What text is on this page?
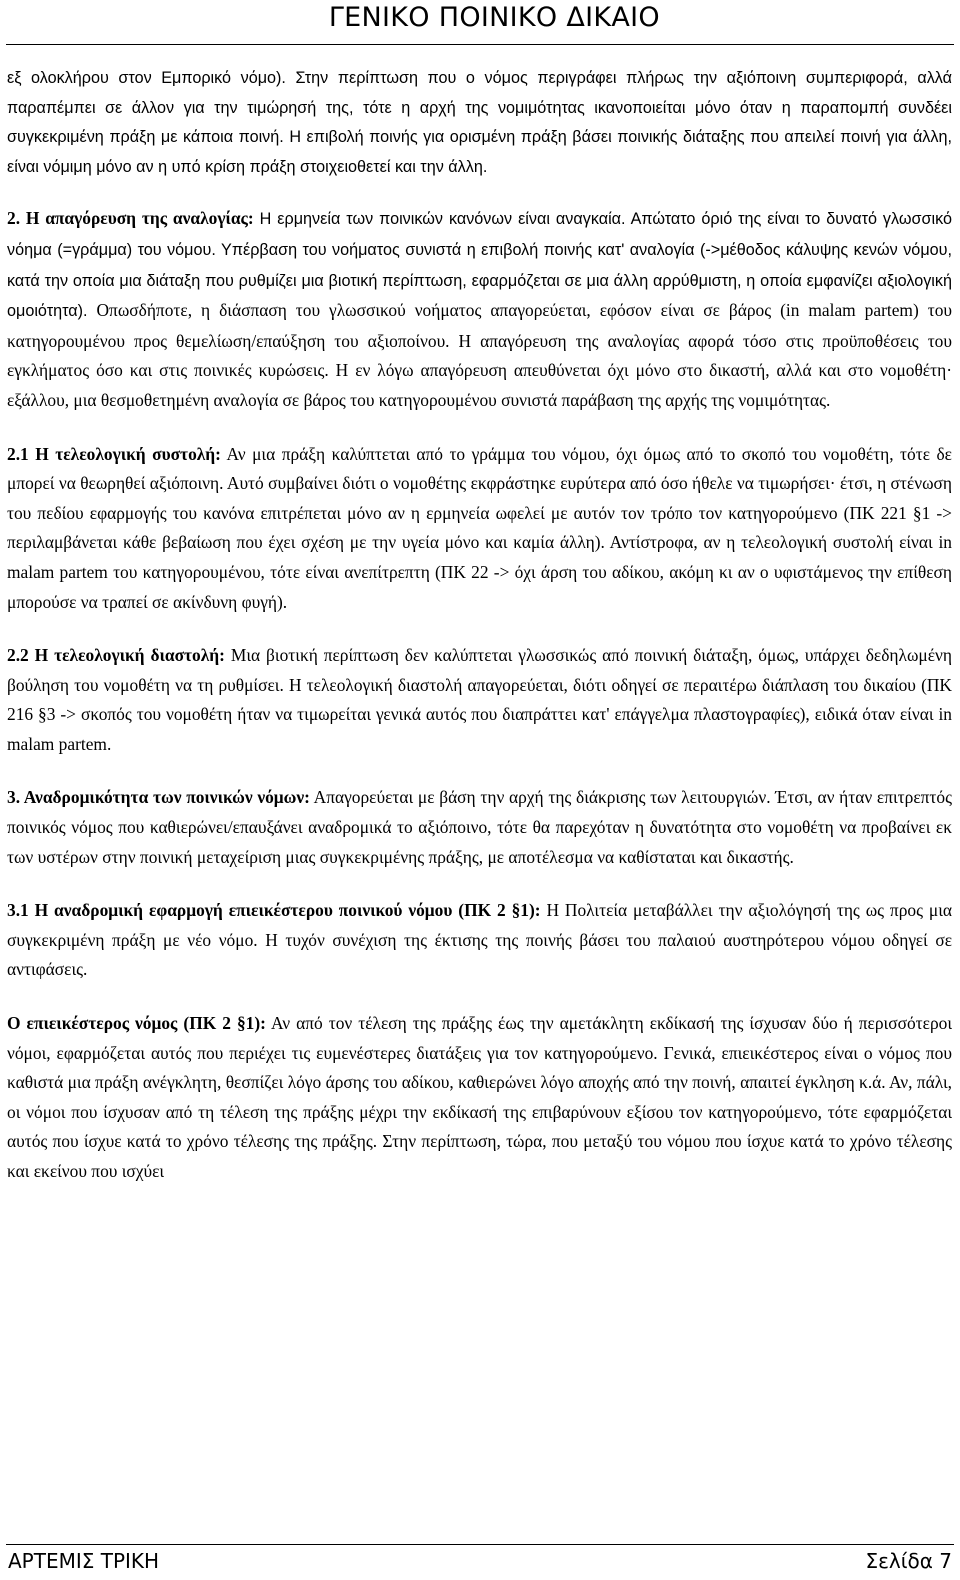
ΓΕΝΙΚΟ ΠΟΙΝΙΚΟ ΔΙΚΑΙΟ

εξ ολοκλήρου στον Εμπορικό νόμο). Στην περίπτωση που ο νόμος περιγράφει πλήρως την αξιόποινη συμπεριφορά, αλλά παραπέμπει σε άλλον για την τιμώρησή της, τότε η αρχή της νομιμότητας ικανοποιείται μόνο όταν η παραπομπή συνδέει συγκεκριμένη πράξη με κάποια ποινή. Η επιβολή ποινής για ορισμένη πράξη βάσει ποινικής διάταξης που απειλεί ποινή για άλλη, είναι νόμιμη μόνο αν η υπό κρίση πράξη στοιχειοθετεί και την άλλη.

2. Η απαγόρευση της αναλογίας: Η ερμηνεία των ποινικών κανόνων είναι αναγκαία. Απώτατο όριό της είναι το δυνατό γλωσσικό νόημα (=γράμμα) του νόμου. Υπέρβαση του νοήματος συνιστά η επιβολή ποινής κατ' αναλογία (->μέθοδος κάλυψης κενών νόμου, κατά την οποία μια διάταξη που ρυθμίζει μια βιοτική περίπτωση, εφαρμόζεται σε μια άλλη αρρύθμιστη, η οποία εμφανίζει αξιολογική ομοιότητα). Οπωσδήποτε, η διάσπαση του γλωσσικού νοήματος απαγορεύεται, εφόσον είναι σε βάρος (in malam partem) του κατηγορουμένου προς θεμελίωση/επαύξηση του αξιοποίνου. Η απαγόρευση της αναλογίας αφορά τόσο στις προϋποθέσεις του εγκλήματος όσο και στις ποινικές κυρώσεις. Η εν λόγω απαγόρευση απευθύνεται όχι μόνο στο δικαστή, αλλά και στο νομοθέτη· εξάλλου, μια θεσμοθετημένη αναλογία σε βάρος του κατηγορουμένου συνιστά παράβαση της αρχής της νομιμότητας.

2.1 Η τελεολογική συστολή: Αν μια πράξη καλύπτεται από το γράμμα του νόμου, όχι όμως από το σκοπό του νομοθέτη, τότε δε μπορεί να θεωρηθεί αξιόποινη. Αυτό συμβαίνει διότι ο νομοθέτης εκφράστηκε ευρύτερα από όσο ήθελε να τιμωρήσει· έτσι, η στένωση του πεδίου εφαρμογής του κανόνα επιτρέπεται μόνο αν η ερμηνεία ωφελεί με αυτόν τον τρόπο τον κατηγορούμενο (ΠΚ 221 §1 -> περιλαμβάνεται κάθε βεβαίωση που έχει σχέση με την υγεία μόνο και καμία άλλη). Αντίστροφα, αν η τελεολογική συστολή είναι in malam partem του κατηγορουμένου, τότε είναι ανεπίτρεπτη (ΠΚ 22 -> όχι άρση του αδίκου, ακόμη κι αν ο υφιστάμενος την επίθεση μπορούσε να τραπεί σε ακίνδυνη φυγή).

2.2 Η τελεολογική διαστολή: Μια βιοτική περίπτωση δεν καλύπτεται γλωσσικώς από ποινική διάταξη, όμως, υπάρχει δεδηλωμένη βούληση του νομοθέτη να τη ρυθμίσει. Η τελεολογική διαστολή απαγορεύεται, διότι οδηγεί σε περαιτέρω διάπλαση του δικαίου (ΠΚ 216 §3 -> σκοπός του νομοθέτη ήταν να τιμωρείται γενικά αυτός που διαπράττει κατ' επάγγελμα πλαστογραφίες), ειδικά όταν είναι in malam partem.

3. Αναδρομικότητα των ποινικών νόμων: Απαγορεύεται με βάση την αρχή της διάκρισης των λειτουργιών. Έτσι, αν ήταν επιτρεπτός ποινικός νόμος που καθιερώνει/επαυξάνει αναδρομικά το αξιόποινο, τότε θα παρεχόταν η δυνατότητα στο νομοθέτη να προβαίνει εκ των υστέρων στην ποινική μεταχείριση μιας συγκεκριμένης πράξης, με αποτέλεσμα να καθίσταται και δικαστής.

3.1 Η αναδρομική εφαρμογή επιεικέστερου ποινικού νόμου (ΠΚ 2 §1): Η Πολιτεία μεταβάλλει την αξιολόγησή της ως προς μια συγκεκριμένη πράξη με νέο νόμο. Η τυχόν συνέχιση της έκτισης της ποινής βάσει του παλαιού αυστηρότερου νόμου οδηγεί σε αντιφάσεις.

Ο επιεικέστερος νόμος (ΠΚ 2 §1): Αν από τον τέλεση της πράξης έως την αμετάκλητη εκδίκασή της ίσχυσαν δύο ή περισσότεροι νόμοι, εφαρμόζεται αυτός που περιέχει τις ευμενέστερες διατάξεις για τον κατηγορούμενο. Γενικά, επιεικέστερος είναι ο νόμος που καθιστά μια πράξη ανέγκλητη, θεσπίζει λόγο άρσης του αδίκου, καθιερώνει λόγο αποχής από την ποινή, απαιτεί έγκληση κ.ά. Αν, πάλι, οι νόμοι που ίσχυσαν από τη τέλεση της πράξης μέχρι την εκδίκασή της επιβαρύνουν εξίσου τον κατηγορούμενο, τότε εφαρμόζεται αυτός που ίσχυε κατά το χρόνο τέλεσης της πράξης. Στην περίπτωση, τώρα, που μεταξύ του νόμου που ίσχυε κατά το χρόνο τέλεσης και εκείνου που ισχύει

ΑΡΤΕΜΙΣ ΤΡΙΚΗ	Σελίδα 7
